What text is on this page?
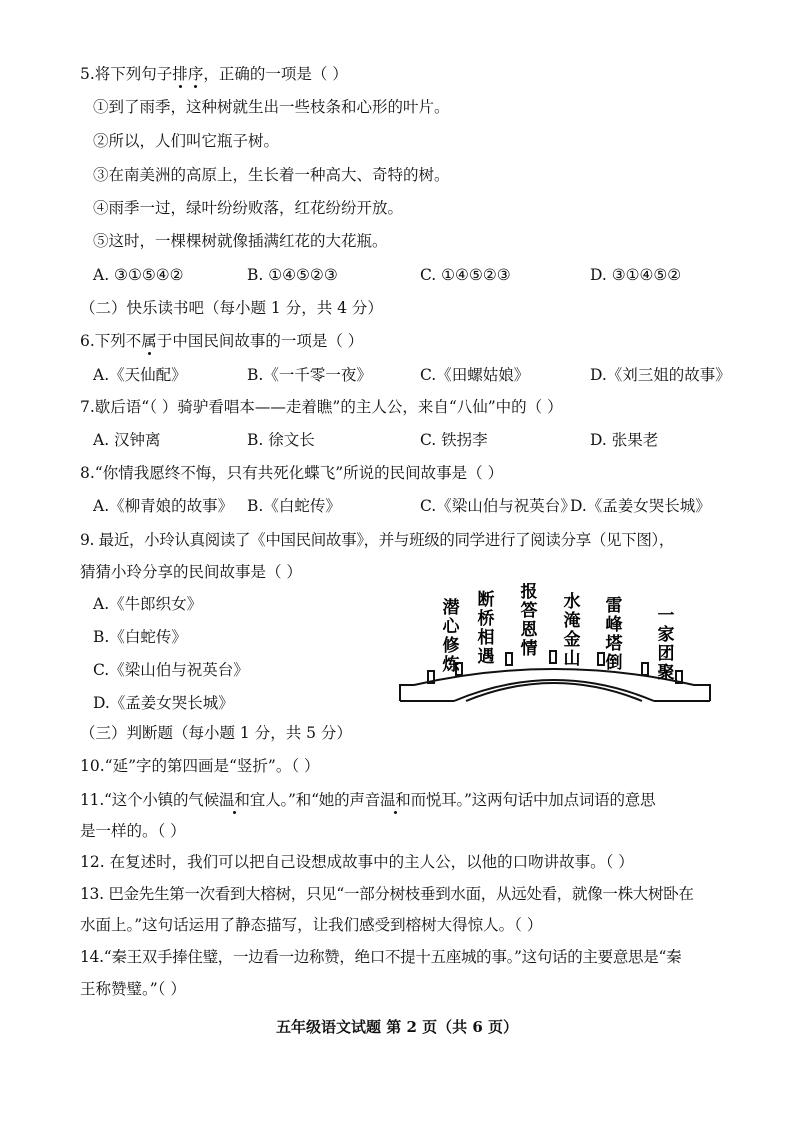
5.将下列句子排序，正确的一项是（ ）
①到了雨季，这种树就生出一些枝条和心形的叶片。
②所以，人们叫它瓶子树。
③在南美洲的高原上，生长着一种高大、奇特的树。
④雨季一过，绿叶纷纷败落，红花纷纷开放。
⑤这时，一棵棵树就像插满红花的大花瓶。
A. ③①⑤④②	B. ①④⑤②③	C. ①④⑤②③	D. ③①④⑤②
（二）快乐读书吧（每小题 1 分，共 4 分）
6.下列不属于中国民间故事的一项是（ ）
A.《天仙配》	B.《一千零一夜》	C.《田螺姑娘》	D.《刘三姐的故事》
7.歇后语“（ ）骑驴看唱本——走着瞧”的主人公，来自“八仙”中的（ ）
A. 汉钟离	B. 徐文长	C. 铁拐李	D. 张果老
8.“你情我愿终不悔，只有共死化蝶飞”所说的民间故事是（ ）
A.《柳青娘的故事》 B.《白蛇传》	C.《梁山伯与祝英台》
D.《孟姜女哭长城》
9. 最近，小玲认真阅读了《中国民间故事》，并与班级的同学进行了阅读分享（见下图），
猜猜小玲分享的民间故事是（ ）
A.《牛郎织女》
B.《白蛇传》
C.《梁山伯与祝英台》
D.《孟姜女哭长城》
潜心修炼
断桥相遇
报答恩情
水淹金山
雷峰塔倒
一家团聚
（三）判断题（每小题 1 分，共 5 分）
10.“延”字的第四画是“竖折”。（ ）
11.“这个小镇的气候温和宜人。”和“她的声音温和而悦耳。”这两句话中加点词语的意思
是一样的。（ ）
12. 在复述时，我们可以把自己设想成故事中的主人公，以他的口吻讲故事。（ ）
13. 巴金先生第一次看到大榕树，只见“一部分树枝垂到水面，从远处看，就像一株大树卧在
水面上。”这句话运用了静态描写，让我们感受到榕树大得惊人。（ ）
14.“秦王双手捧住璧，一边看一边称赞，绝口不提十五座城的事。”这句话的主要意思是“秦
王称赞璧。”（ ）
五年级语文试题 第 2 页（共 6 页）
